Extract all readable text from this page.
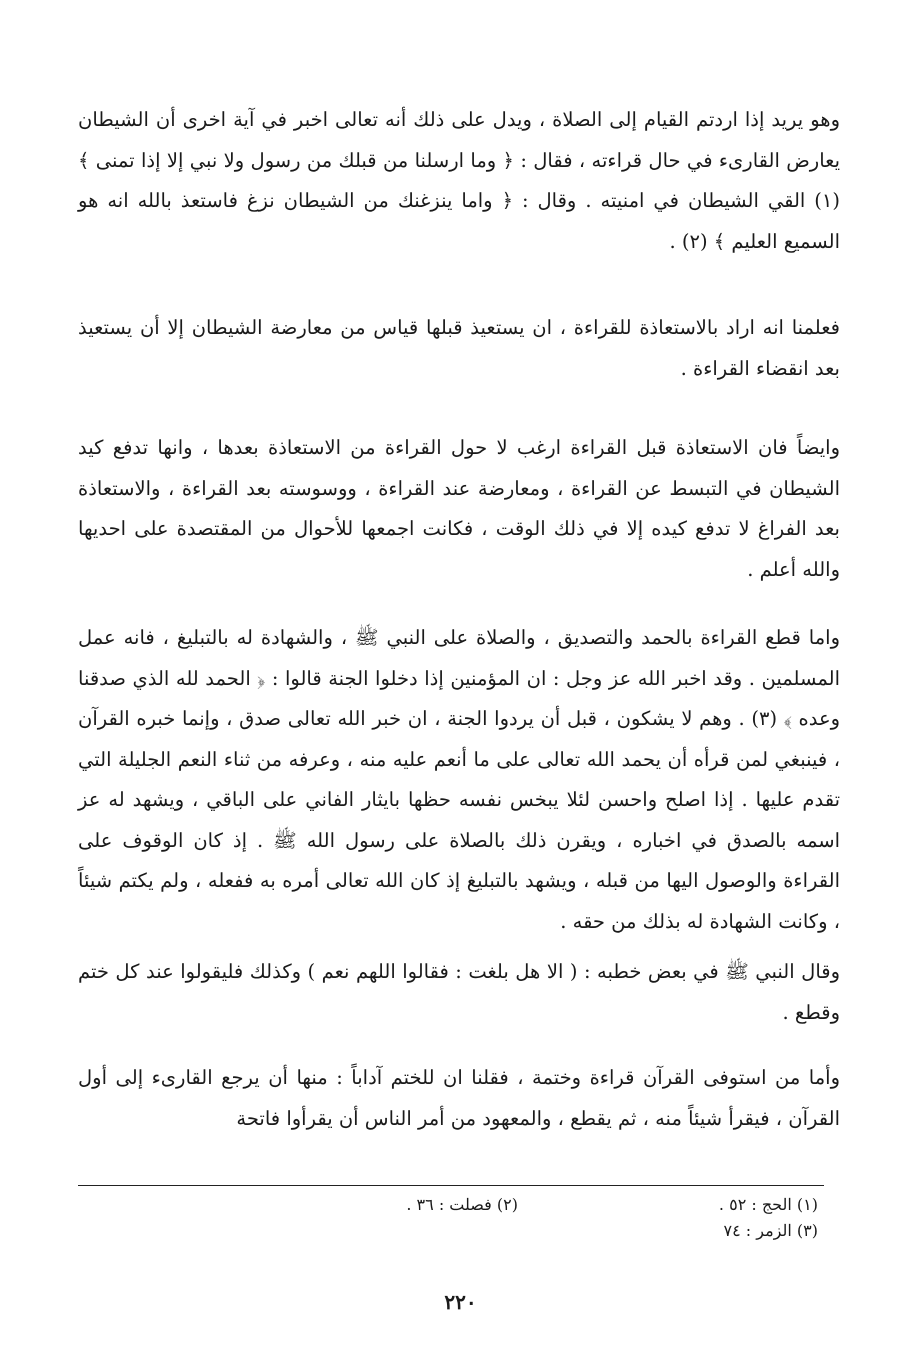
وهو يريد إذا اردتم القيام إلى الصلاة ، ويدل على ذلك أنه تعالى اخبر في آية اخرى أن الشيطان يعارض القارىء في حال قراءته ، فقال : ﴿ وما ارسلنا من قبلك من رسول ولا نبي إلا إذا تمنى ﴾ (١) القي الشيطان في امنيته . وقال : ﴿ واما ينزغنك من الشيطان نزغ فاستعذ بالله انه هو السميع العليم ﴾ (٢) .

فعلمنا انه اراد بالاستعاذة للقراءة ، ان يستعيذ قبلها قياس من معارضة الشيطان إلا أن يستعيذ بعد انقضاء القراءة .

وايضاً فان الاستعاذة قبل القراءة ارغب لا حول القراءة من الاستعاذة بعدها ، وانها تدفع كيد الشيطان في التبسط عن القراءة ، ومعارضة عند القراءة ، ووسوسته بعد القراءة ، والاستعاذة بعد الفراغ لا تدفع كيده إلا في ذلك الوقت ، فكانت اجمعها للأحوال من المقتصدة على احديها والله أعلم .

واما قطع القراءة بالحمد والتصديق ، والصلاة على النبي ﷺ ، والشهادة له بالتبليغ ، فانه عمل المسلمين . وقد اخبر الله عز وجل : ان المؤمنين إذا دخلوا الجنة قالوا : ﴿ الحمد لله الذي صدقنا وعده ﴾ (٣) . وهم لا يشكون ، قبل أن يردوا الجنة ، ان خبر الله تعالى صدق ، وإنما خبره القرآن ، فينبغي لمن قرأه أن يحمد الله تعالى على ما أنعم عليه منه ، وعرفه من ثناء النعم الجليلة التي تقدم عليها . إذا اصلح واحسن لئلا يبخس نفسه حظها بايثار الفاني على الباقي ، ويشهد له عز اسمه بالصدق في اخباره ، ويقرن ذلك بالصلاة على رسول الله ﷺ . إذ كان الوقوف على القراءة والوصول اليها من قبله ، ويشهد بالتبليغ إذ كان الله تعالى أمره به ففعله ، ولم يكتم شيئاً ، وكانت الشهادة له بذلك من حقه .

وقال النبي ﷺ في بعض خطبه : ( الا هل بلغت : فقالوا اللهم نعم ) وكذلك فليقولوا عند كل ختم وقطع .

وأما من استوفى القرآن قراءة وختمة ، فقلنا ان للختم آداباً : منها أن يرجع القارىء إلى أول القرآن ، فيقرأ شيئاً منه ، ثم يقطع ، والمعهود من أمر الناس أن يقرأوا فاتحة

(١) الحج : ٥٢ .
(٢) فصلت : ٣٦ .
(٣) الزمر : ٧٤
٢٢٠
